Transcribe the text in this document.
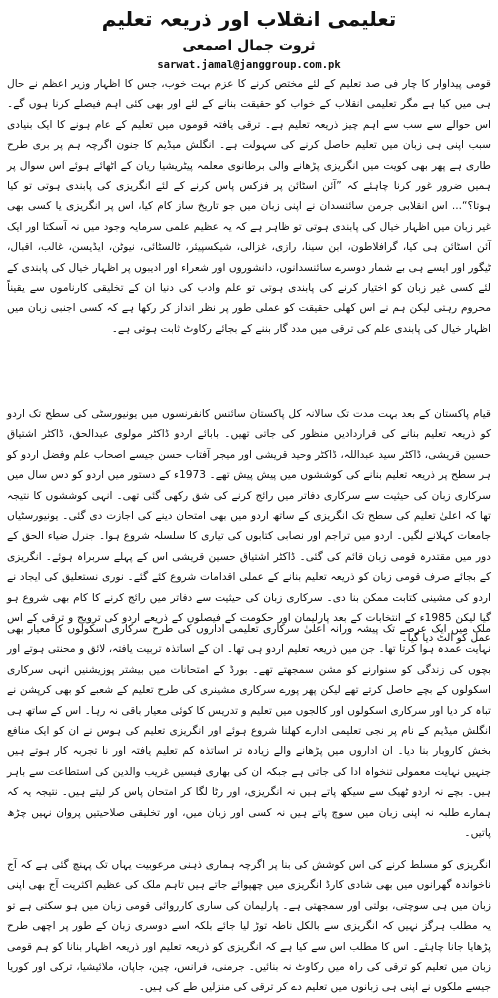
تعلیمی انقلاب اور ذریعہ تعلیم
ثروت جمال اصمعی
sarwat.jamal@janggroup.com.pk
قومی پیداوار کا چار فی صد تعلیم کے لئے مختص کرنے کا عزم بہت خوب، جس کا اظہار وزیر اعظم نے حال ہی میں کیا ہے مگر تعلیمی انقلاب کے خواب کو حقیقت بنانے کے لئے اور بھی کئی اہم فیصلے کرنا ہوں گے۔ اس حوالے سے سب سے اہم چیز ذریعہ تعلیم ہے۔ ترقی یافتہ قوموں میں تعلیم کے عام ہونے کا ایک بنیادی سبب اپنی ہی زبان میں تعلیم حاصل کرنے کی سہولت ہے۔ انگلش میڈیم کا جنون اگرچہ ہم پر بری طرح طاری ہے پھر بھی کویت میں انگریزی پڑھانے والی برطانوی معلمہ پیٹریشیا ریان کے اٹھائے ہوئے اس سوال پر ہمیں ضرور غور کرنا چاہئے کہ ”آئن اسٹائن پر فزکس پاس کرنے کے لئے انگریزی کی پابندی ہوتی تو کیا ہوتا؟“... اس انقلابی جرمن سائنسدان نے اپنی زبان میں جو تاریخ ساز کام کیا، اس پر انگریزی یا کسی بھی غیر زبان میں اظہار خیال کی پابندی ہوتی تو ظاہر ہے کہ یہ عظیم علمی سرمایہ وجود میں نہ آسکتا اور ایک آئن اسٹائن ہی کیا، گرافلاطون، ابن سینا، رازی، غزالی، شیکسپیئر، ٹالسٹائی، نیوٹن، ایڈیسن، غالب، اقبال، ٹیگور اور ایسے ہی بے شمار دوسرے سائنسدانوں، دانشوروں اور شعراء اور ادیبوں پر اظہار خیال کی پابندی کے لئے کسی غیر زبان کو اختیار کرنے کی پابندی ہوتی تو علم وادب کی دنیا ان کے تخلیقی کارناموں سے یقیناً محروم رہتی لیکن ہم نے اس کھلی حقیقت کو عملی طور پر نظر انداز کر رکھا ہے کہ کسی اجنبی زبان میں اظہار خیال کی پابندی علم کی ترقی میں مدد گار بننے کے بجائے رکاوٹ ثابت ہوتی ہے۔
قیام پاکستان کے بعد بہت مدت تک سالانہ کل پاکستان سائنس کانفرنسوں میں یونیورسٹی کی سطح تک اردو کو ذریعہ تعلیم بنانے کی قراردادیں منظور کی جاتی تھیں۔ بابائے اردو ڈاکٹر مولوی عبدالحق، ڈاکٹر اشتیاق حسین قریشی، ڈاکٹر سید عبداللہ، ڈاکٹر وحید قریشی اور میجر آفتاب حسن جیسے اصحاب علم وفضل اردو کو ہر سطح پر ذریعہ تعلیم بنانے کی کوششوں میں پیش پیش تھے۔ 1973ء کے دستور میں اردو کو دس سال میں سرکاری زبان کی حیثیت سے سرکاری دفاتر میں رائج کرنے کی شق رکھی گئی تھی۔ انہی کوششوں کا نتیجہ تھا کہ اعلیٰ تعلیم کی سطح تک انگریزی کے ساتھ اردو میں بھی امتحان دینے کی اجازت دی گئی۔ یونیورسٹیاں جامعات کہلانے لگیں۔ اردو میں تراجم اور نصابی کتابوں کی تیاری کا سلسلہ شروع ہوا۔ جنرل ضیاء الحق کے دور میں مقتدرہ قومی زبان قائم کی گئی۔ ڈاکٹر اشتیاق حسین قریشی اس کے پہلے سربراہ ہوئے۔ انگریزی کے بجائے صرف قومی زبان کو ذریعہ تعلیم بنانے کے عملی اقدامات شروع کئے گئے۔ نوری نستعلیق کی ایجاد نے اردو کی مشینی کتابت ممکن بنا دی۔ سرکاری زبان کی حیثیت سے دفاتر میں رائج کرنے کا کام بھی شروع ہو گیا لیکن 1985ء کے انتخابات کے بعد پارلیمان اور حکومت کے فیصلوں کے ذریعے اردو کی ترویج و ترقی کے اس عمل کو الٹ دیا گیا۔
ملک میں ایک عرصے تک پیشہ ورانہ اعلیٰ سرکاری تعلیمی اداروں کی طرح سرکاری اسکولوں کا معیار بھی نہایت عمدہ ہوا کرتا تھا۔ جن میں ذریعہ تعلیم اردو ہی تھا۔ ان کے اساتذہ تربیت یافتہ، لائق و محنتی ہوتے اور بچوں کی زندگی کو سنوارنے کو مشن سمجھتے تھے۔ بورڈ کے امتحانات میں بیشتر پوزیشنیں انہی سرکاری اسکولوں کے بچے حاصل کرتے تھے لیکن پھر پورے سرکاری مشینری کی طرح تعلیم کے شعبے کو بھی کرپشن نے تباہ کر دیا اور سرکاری اسکولوں اور کالجوں میں تعلیم و تدریس کا کوئی معیار باقی نہ رہا۔ اس کے ساتھ ہی انگلش میڈیم کے نام پر نجی تعلیمی ادارے کھلنا شروع ہوئے اور انگریزی تعلیم کی ہوس نے ان کو ایک منافع بخش کاروبار بنا دیا۔ ان اداروں میں پڑھانے والے زیادہ تر اساتذہ کم تعلیم یافتہ اور نا تجربہ کار ہوتے ہیں جنہیں نہایت معمولی تنخواہ ادا کی جاتی ہے جبکہ ان کی بھاری فیسیں غریب والدین کی استطاعت سے باہر ہیں۔ بچے نہ اردو ٹھیک سے سیکھ پاتے ہیں نہ انگریزی، اور رٹا لگا کر امتحان پاس کر لیتے ہیں۔ نتیجہ یہ کہ ہمارے طلبہ نہ اپنی زبان میں سوچ پاتے ہیں نہ کسی اور زبان میں، اور تخلیقی صلاحیتیں پروان نہیں چڑھ پاتیں۔
انگریزی کو مسلط کرنے کی اس کوشش کی بنا پر اگرچہ ہماری ذہنی مرعوبیت یہاں تک پہنچ گئی ہے کہ آج ناخواندہ گھرانوں میں بھی شادی کارڈ انگریزی میں چھپوائے جاتے ہیں تاہم ملک کی عظیم اکثریت آج بھی اپنی زبان میں ہی سوچتی، بولتی اور سمجھتی ہے۔ پارلیمان کی ساری کارروائی قومی زبان میں ہو سکتی ہے تو یہ مطلب ہرگز نہیں کہ انگریزی سے بالکل ناطہ توڑ لیا جائے بلکہ اسے دوسری زبان کے طور پر اچھی طرح پڑھایا جانا چاہئے۔ اس کا مطلب اس سے کیا ہے کہ انگریزی کو ذریعہ تعلیم اور ذریعہ اظہار بنانا کو ہم قومی زبان میں تعلیم کو ترقی کی راہ میں رکاوٹ نہ بنائیں۔ جرمنی، فرانس، چین، جاپان، ملائیشیا، ترکی اور کوریا جیسے ملکوں نے اپنی ہی زبانوں میں تعلیم دے کر ترقی کی منزلیں طے کی ہیں۔
